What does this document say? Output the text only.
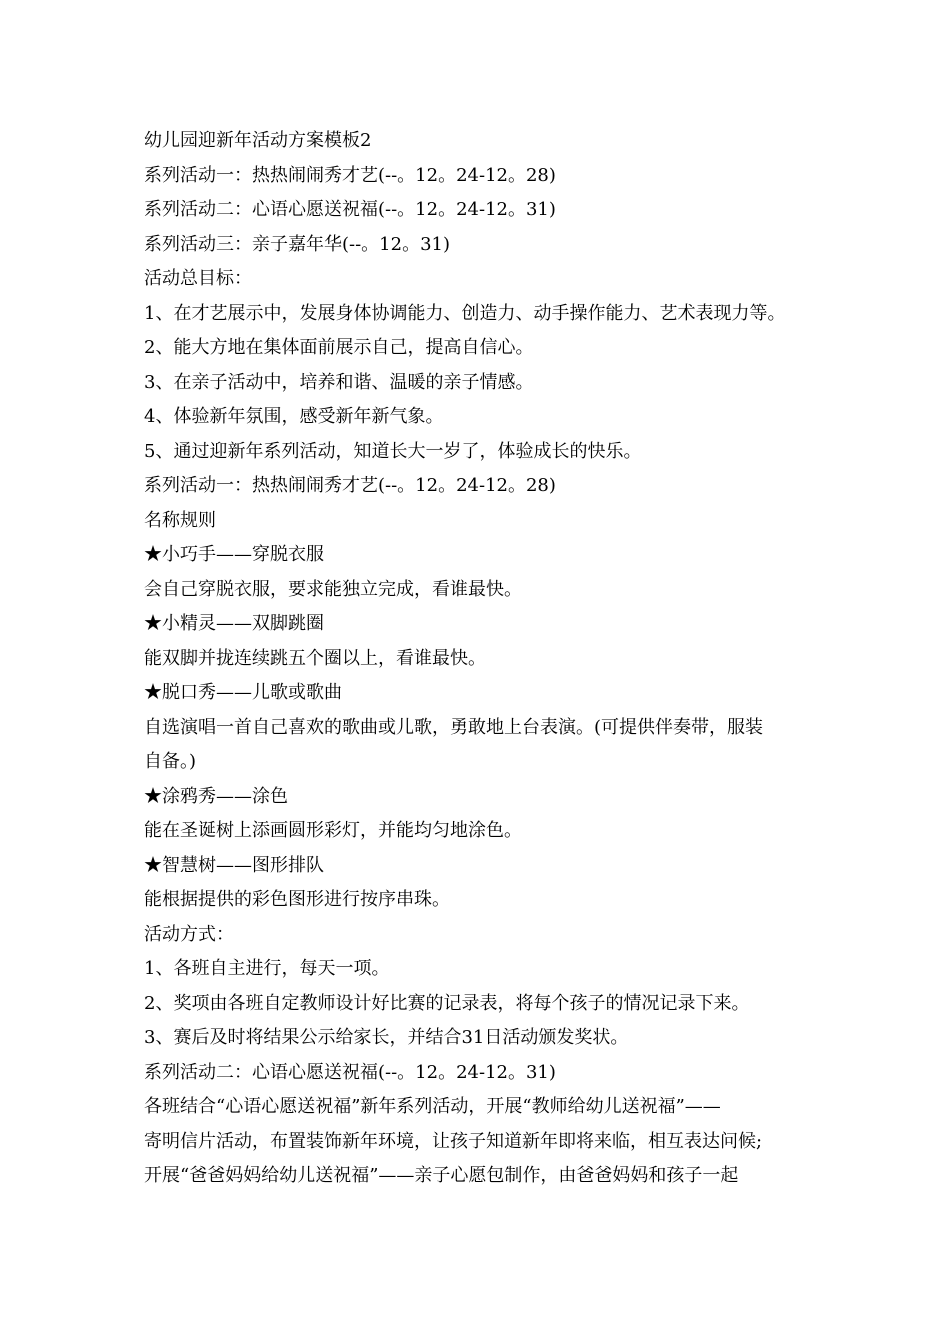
幼儿园迎新年活动方案模板2
系列活动一：热热闹闹秀才艺(--。12。24-12。28)
系列活动二：心语心愿送祝福(--。12。24-12。31)
系列活动三：亲子嘉年华(--。12。31)
活动总目标：
1、在才艺展示中，发展身体协调能力、创造力、动手操作能力、艺术表现力等。
2、能大方地在集体面前展示自己，提高自信心。
3、在亲子活动中，培养和谐、温暖的亲子情感。
4、体验新年氛围，感受新年新气象。
5、通过迎新年系列活动，知道长大一岁了，体验成长的快乐。
系列活动一：热热闹闹秀才艺(--。12。24-12。28)
名称规则
★小巧手——穿脱衣服
会自己穿脱衣服，要求能独立完成，看谁最快。
★小精灵——双脚跳圈
能双脚并拢连续跳五个圈以上，看谁最快。
★脱口秀——儿歌或歌曲
自选演唱一首自己喜欢的歌曲或儿歌，勇敢地上台表演。(可提供伴奏带，服装
自备。)
★涂鸦秀——涂色
能在圣诞树上添画圆形彩灯，并能均匀地涂色。
★智慧树——图形排队
能根据提供的彩色图形进行按序串珠。
活动方式：
1、各班自主进行，每天一项。
2、奖项由各班自定教师设计好比赛的记录表，将每个孩子的情况记录下来。
3、赛后及时将结果公示给家长，并结合31日活动颁发奖状。
系列活动二：心语心愿送祝福(--。12。24-12。31)
各班结合“心语心愿送祝福”新年系列活动，开展“教师给幼儿送祝福”——
寄明信片活动，布置装饰新年环境，让孩子知道新年即将来临，相互表达问候;
开展“爸爸妈妈给幼儿送祝福”——亲子心愿包制作，由爸爸妈妈和孩子一起
